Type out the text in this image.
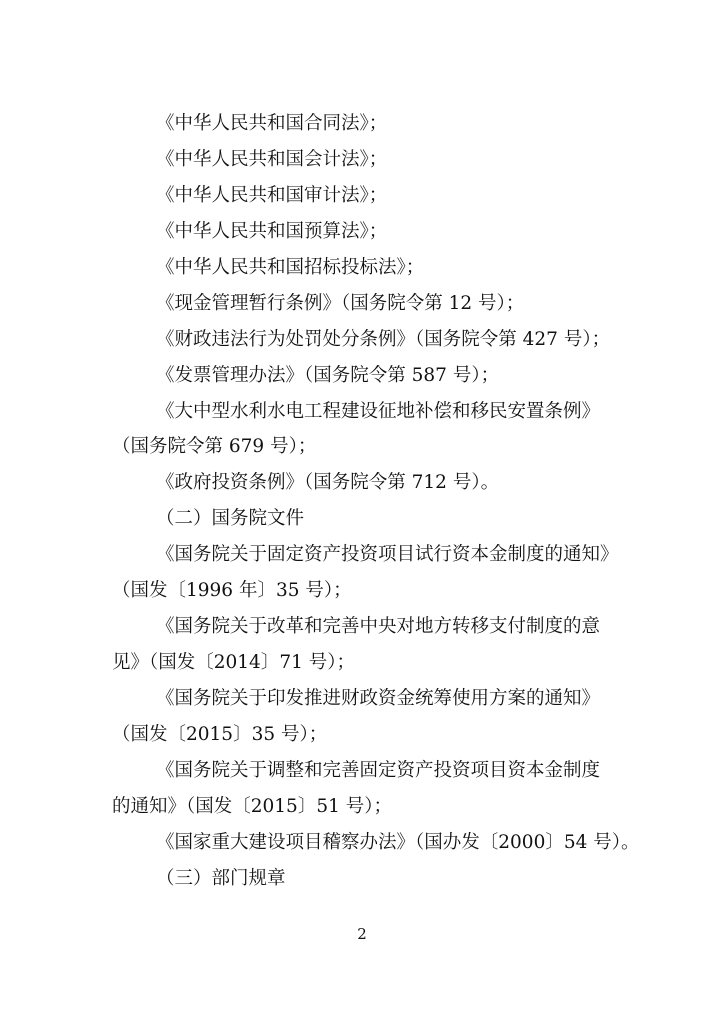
《中华人民共和国合同法》；
《中华人民共和国会计法》；
《中华人民共和国审计法》；
《中华人民共和国预算法》；
《中华人民共和国招标投标法》；
《现金管理暂行条例》（国务院令第 12 号）；
《财政违法行为处罚处分条例》（国务院令第 427 号）；
《发票管理办法》（国务院令第 587 号）；
《大中型水利水电工程建设征地补偿和移民安置条例》
（国务院令第 679 号）；
《政府投资条例》（国务院令第 712 号）。
（二）国务院文件
《国务院关于固定资产投资项目试行资本金制度的通知》
（国发〔1996 年〕35 号）；
《国务院关于改革和完善中央对地方转移支付制度的意
见》（国发〔2014〕71 号）；
《国务院关于印发推进财政资金统筹使用方案的通知》
（国发〔2015〕35 号）；
《国务院关于调整和完善固定资产投资项目资本金制度
的通知》（国发〔2015〕51 号）；
《国家重大建设项目稽察办法》（国办发〔2000〕54 号）。
（三）部门规章
2
